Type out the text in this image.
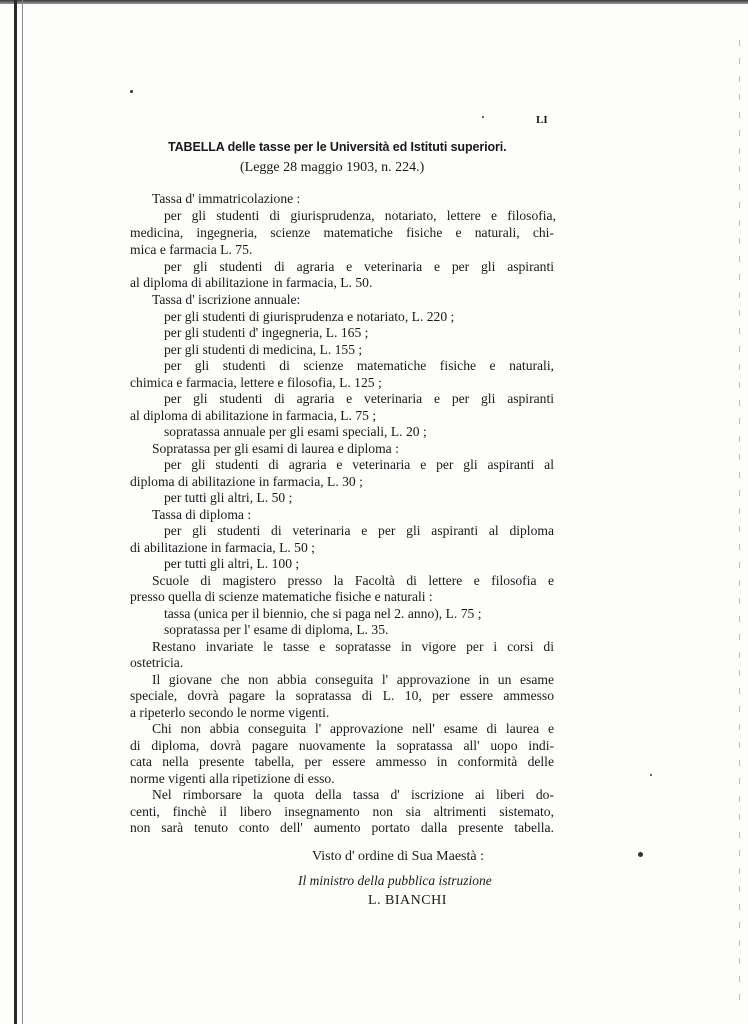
LI
TABELLA delle tasse per le Università ed Istituti superiori.
(Legge 28 maggio 1903, n. 224.)

Tassa d' immatricolazione :

per gli studenti di giurisprudenza, notariato, lettere e filosofia,

medicina, ingegneria, scienze matematiche fisiche e naturali, chi-

mica e farmacia L. 75.

per gli studenti di agraria e veterinaria e per gli aspiranti

al diploma di abilitazione in farmacia, L. 50.

Tassa d' iscrizione annuale:

per gli studenti di giurisprudenza e notariato, L. 220 ;

per gli studenti d' ingegneria, L. 165 ;

per gli studenti di medicina, L. 155 ;

per gli studenti di scienze matematiche fisiche e naturali,

chimica e farmacia, lettere e filosofia, L. 125 ;

per gli studenti di agraria e veterinaria e per gli aspiranti

al diploma di abilitazione in farmacia, L. 75 ;

sopratassa annuale per gli esami speciali, L. 20 ;

Sopratassa per gli esami di laurea e diploma :

per gli studenti di agraria e veterinaria e per gli aspiranti al

diploma di abilitazione in farmacia, L. 30 ;

per tutti gli altri, L. 50 ;

Tassa di diploma :

per gli studenti di veterinaria e per gli aspiranti al diploma

di abilitazione in farmacia, L. 50 ;

per tutti gli altri, L. 100 ;

Scuole di magistero presso la Facoltà di lettere e filosofia e

presso quella di scienze matematiche fisiche e naturali :

tassa (unica per il biennio, che si paga nel 2. anno), L. 75 ;

sopratassa per l' esame di diploma, L. 35.

Restano invariate le tasse e sopratasse in vigore per i corsi di

ostetricia.

Il giovane che non abbia conseguita l' approvazione in un esame

speciale, dovrà pagare la sopratassa di L. 10, per essere ammesso

a ripeterlo secondo le norme vigenti.

Chi non abbia conseguita l' approvazione nell' esame di laurea e

di diploma, dovrà pagare nuovamente la sopratassa all' uopo indi-

cata nella presente tabella, per essere ammesso in conformità delle

norme vigenti alla ripetizione di esso.

Nel rimborsare la quota della tassa d' iscrizione ai liberi do-

centi, finchè il libero insegnamento non sia altrimenti sistemato,

non sarà tenuto conto dell' aumento portato dalla presente tabella.

Visto d' ordine di Sua Maestà :
Il ministro della pubblica istruzione
L. BIANCHI
